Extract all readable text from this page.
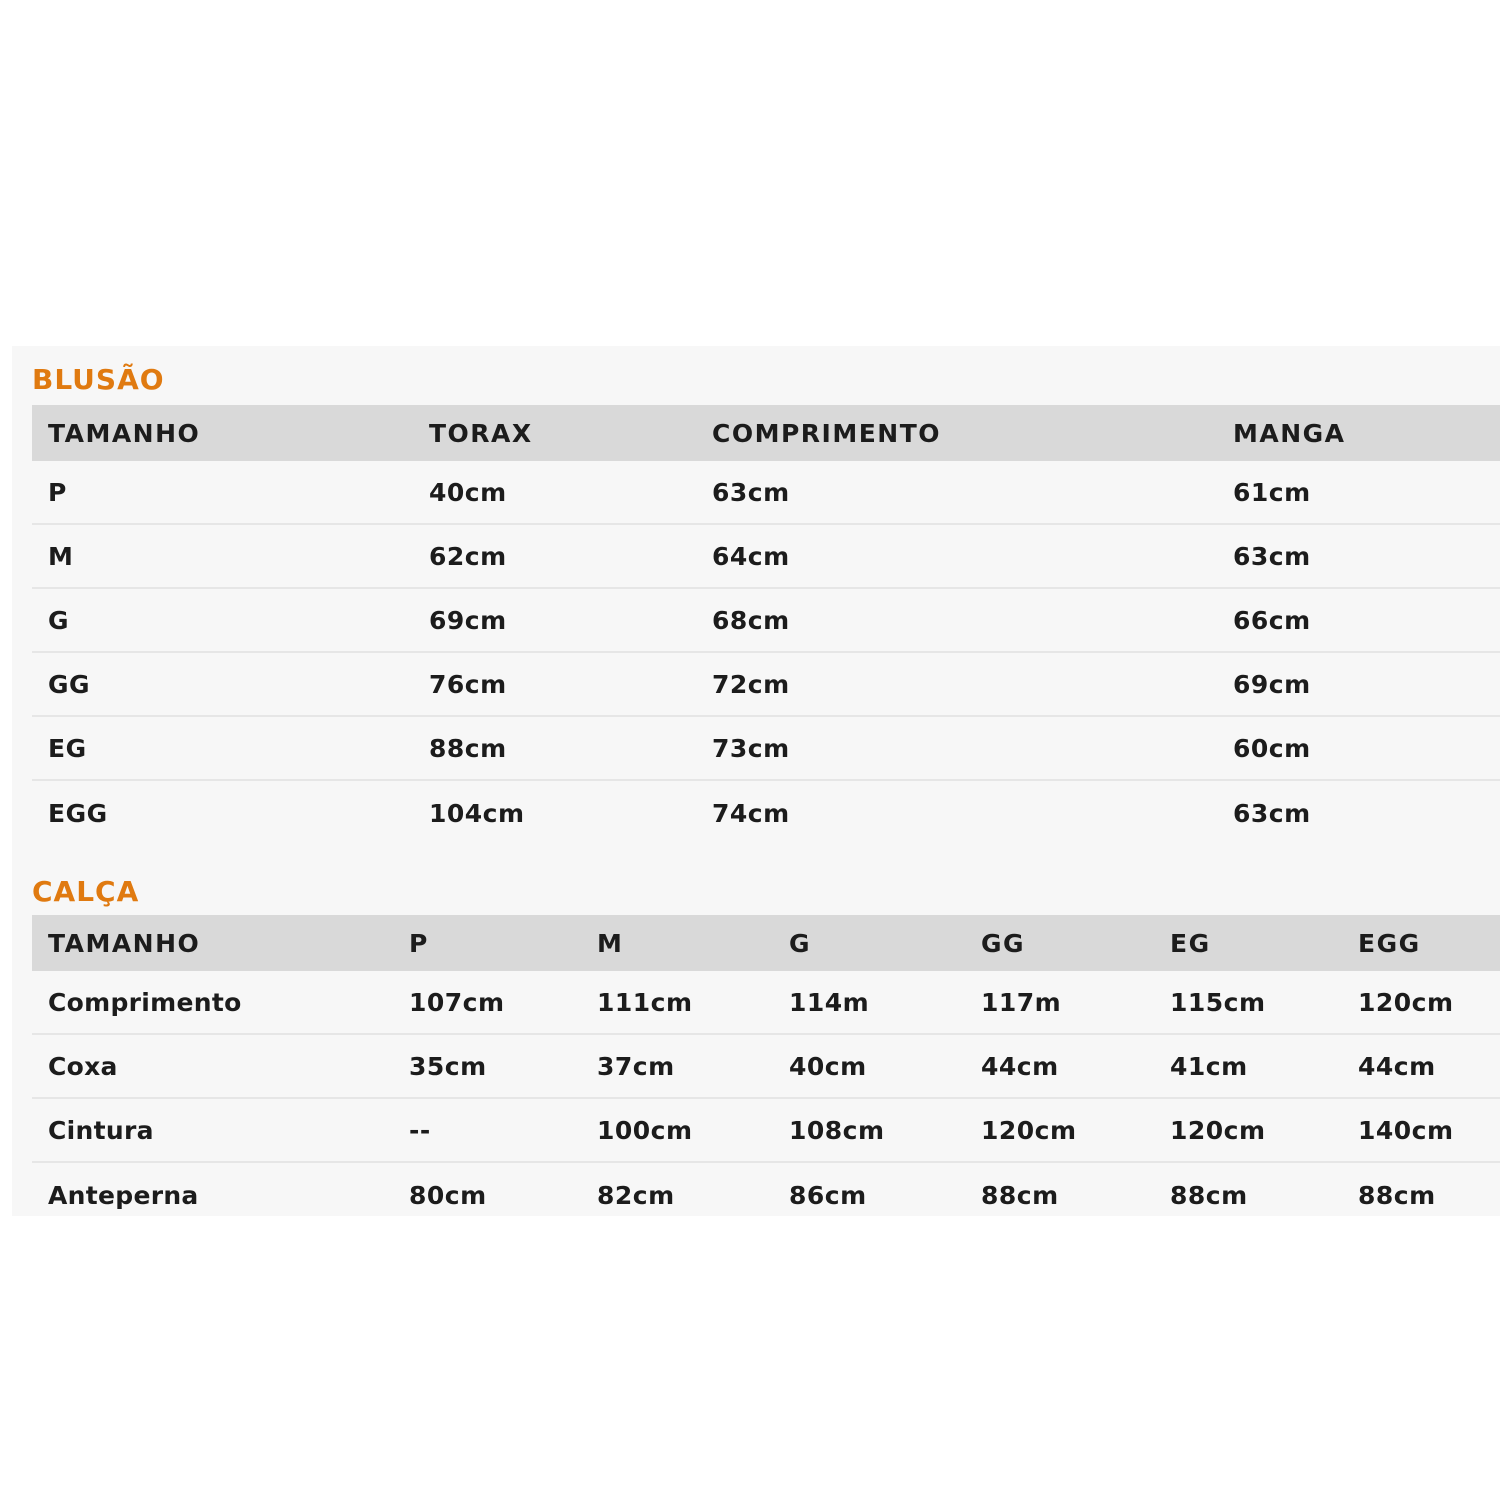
BLUSÃO
TAMANHO	TORAX	COMPRIMENTO	MANGA
P	40cm	63cm	61cm
M	62cm	64cm	63cm
G	69cm	68cm	66cm
GG	76cm	72cm	69cm
EG	88cm	73cm	60cm
EGG	104cm	74cm	63cm
CALÇA
TAMANHO	P	M	G	GG	EG	EGG
Comprimento	107cm	111cm	114m	117m	115cm	120cm
Coxa	35cm	37cm	40cm	44cm	41cm	44cm
Cintura	--	100cm	108cm	120cm	120cm	140cm
Anteperna	80cm	82cm	86cm	88cm	88cm	88cm
